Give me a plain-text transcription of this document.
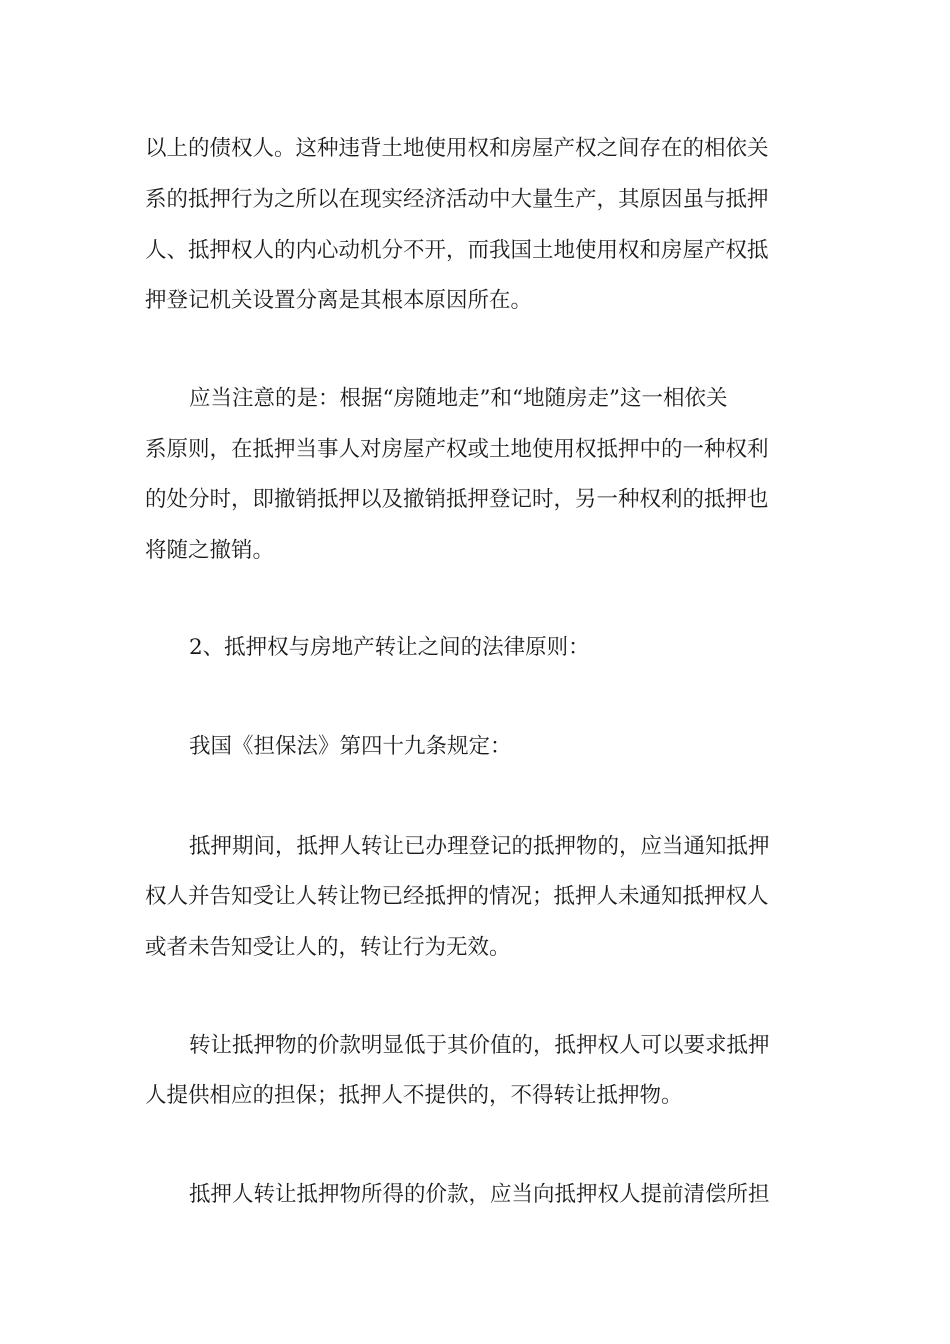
以上的债权人。这种违背土地使用权和房屋产权之间存在的相依关
系的抵押行为之所以在现实经济活动中大量生产，其原因虽与抵押
人、抵押权人的内心动机分不开，而我国土地使用权和房屋产权抵
押登记机关设置分离是其根本原因所在。
应当注意的是：根据“房随地走”和“地随房走”这一相依关
系原则，在抵押当事人对房屋产权或土地使用权抵押中的一种权利
的处分时，即撤销抵押以及撤销抵押登记时，另一种权利的抵押也
将随之撤销。
2、抵押权与房地产转让之间的法律原则：
我国《担保法》第四十九条规定：
抵押期间，抵押人转让已办理登记的抵押物的，应当通知抵押
权人并告知受让人转让物已经抵押的情况；抵押人未通知抵押权人
或者未告知受让人的，转让行为无效。
转让抵押物的价款明显低于其价值的，抵押权人可以要求抵押
人提供相应的担保；抵押人不提供的，不得转让抵押物。
抵押人转让抵押物所得的价款，应当向抵押权人提前清偿所担
